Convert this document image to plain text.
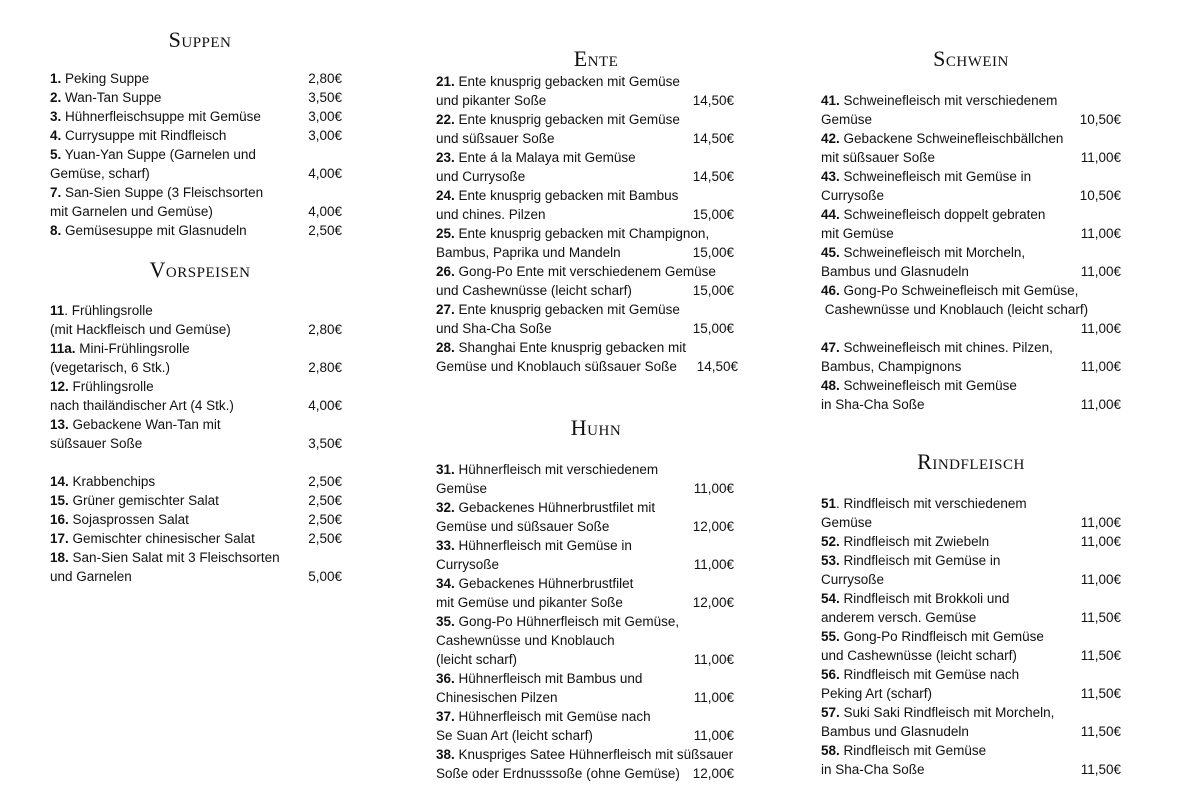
Suppen
1. Peking Suppe	2,80€
2. Wan-Tan Suppe	3,50€
3. Hühnerfleischsuppe mit Gemüse	3,00€
4. Currysuppe mit Rindfleisch	3,00€
5. Yuan-Yan Suppe (Garnelen und
Gemüse, scharf)	4,00€
7. San-Sien Suppe (3 Fleischsorten
mit Garnelen und Gemüse)	4,00€
8. Gemüsesuppe mit Glasnudeln	2,50€
Vorspeisen
11. Frühlingsrolle
(mit Hackfleisch und Gemüse)	2,80€
11a. Mini-Frühlingsrolle
(vegetarisch, 6 Stk.)	2,80€
12. Frühlingsrolle
nach thailändischer Art (4 Stk.)	4,00€
13. Gebackene Wan-Tan mit
süßsauer Soße	3,50€
14. Krabbenchips	2,50€
15. Grüner gemischter Salat	2,50€
16. Sojasprossen Salat	2,50€
17. Gemischter chinesischer Salat	2,50€
18. San-Sien Salat mit 3 Fleischsorten
und Garnelen	5,00€
Ente
21. Ente knusprig gebacken mit Gemüse
und pikanter Soße	14,50€
22. Ente knusprig gebacken mit Gemüse
und süßsauer Soße	14,50€
23. Ente á la Malaya mit Gemüse
und Currysoße	14,50€
24. Ente knusprig gebacken mit Bambus
und chines. Pilzen	15,00€
25. Ente knusprig gebacken mit Champignon,
Bambus, Paprika und Mandeln	15,00€
26. Gong-Po Ente mit verschiedenem Gemüse
und Cashewnüsse (leicht scharf)	15,00€
27. Ente knusprig gebacken mit Gemüse
und Sha-Cha Soße	15,00€
28. Shanghai Ente knusprig gebacken mit
Gemüse und Knoblauch süßsauer Soße 14,50€
Huhn
31. Hühnerfleisch mit verschiedenem
Gemüse	11,00€
32. Gebackenes Hühnerbrustfilet mit
Gemüse und süßsauer Soße	12,00€
33. Hühnerfleisch mit Gemüse in
Currysoße	11,00€
34. Gebackenes Hühnerbrustfilet
mit Gemüse und pikanter Soße	12,00€
35. Gong-Po Hühnerfleisch mit Gemüse,
Cashewnüsse und Knoblauch
(leicht scharf)	11,00€
36. Hühnerfleisch mit Bambus und
Chinesischen Pilzen	11,00€
37. Hühnerfleisch mit Gemüse nach
Se Suan Art (leicht scharf)	11,00€
38. Knuspriges Satee Hühnerfleisch mit süßsauer
Soße oder Erdnusssoße (ohne Gemüse) 12,00€
Schwein
41. Schweinefleisch mit verschiedenem
Gemüse	10,50€
42. Gebackene Schweinefleischbällchen
mit süßsauer Soße	11,00€
43. Schweinefleisch mit Gemüse in
Currysoße	10,50€
44. Schweinefleisch doppelt gebraten
mit Gemüse	11,00€
45. Schweinefleisch mit Morcheln,
Bambus und Glasnudeln	11,00€
46. Gong-Po Schweinefleisch mit Gemüse,
Cashewnüsse und Knoblauch (leicht scharf)
11,00€
47. Schweinefleisch mit chines. Pilzen,
Bambus, Champignons	11,00€
48. Schweinefleisch mit Gemüse
in Sha-Cha Soße	11,00€
Rindfleisch
51. Rindfleisch mit verschiedenem
Gemüse	11,00€
52. Rindfleisch mit Zwiebeln	11,00€
53. Rindfleisch mit Gemüse in
Currysoße	11,00€
54. Rindfleisch mit Brokkoli und
anderem versch. Gemüse	11,50€
55. Gong-Po Rindfleisch mit Gemüse
und Cashewnüsse (leicht scharf)	11,50€
56. Rindfleisch mit Gemüse nach
Peking Art (scharf)	11,50€
57. Suki Saki Rindfleisch mit Morcheln,
Bambus und Glasnudeln	11,50€
58. Rindfleisch mit Gemüse
in Sha-Cha Soße	11,50€
